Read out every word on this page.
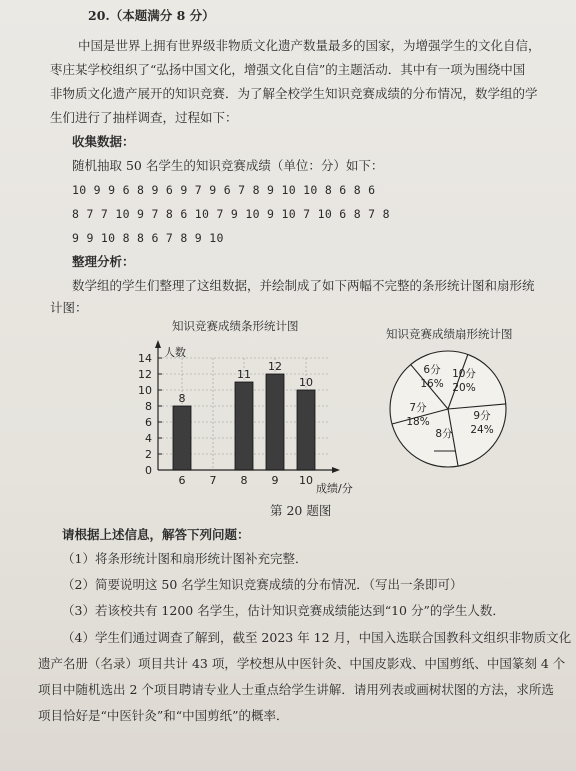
20.（本题满分 8 分）
中国是世界上拥有世界级非物质文化遗产数量最多的国家，为增强学生的文化自信，
枣庄某学校组织了“弘扬中国文化，增强文化自信”的主题活动．其中有一项为围绕中国
非物质文化遗产展开的知识竞赛．为了解全校学生知识竞赛成绩的分布情况，数学组的学
生们进行了抽样调查，过程如下：
收集数据：
随机抽取 50 名学生的知识竞赛成绩（单位：分）如下：
10 9 9 6 8 9 6 9 7 9 6 7 8 9 10 10 8 6 8 6
8 7 7 10 9 7 8 6 10 7 9 10 9 10 7 10 6 8 7 8
9 9 10 8 8 6 7 8 9 10
整理分析：
数学组的学生们整理了这组数据，并绘制成了如下两幅不完整的条形统计图和扇形统
计图：
知识竞赛成绩条形统计图
0
2
4
6
8
10
12
14 人数
成绩/分
6
8
7 8
11
9
12
10
10
知识竞赛成绩扇形统计图
6分
16%
10分
20%
9分
24%
8分
7分
18%
第 20 题图
请根据上述信息，解答下列问题：
（1）将条形统计图和扇形统计图补充完整．
（2）简要说明这 50 名学生知识竞赛成绩的分布情况．（写出一条即可）
（3）若该校共有 1200 名学生，估计知识竞赛成绩能达到“10 分”的学生人数．
（4）学生们通过调查了解到，截至 2023 年 12 月，中国入选联合国教科文组织非物质文化
遗产名册（名录）项目共计 43 项，学校想从中医针灸、中国皮影戏、中国剪纸、中国篆刻 4 个
项目中随机选出 2 个项目聘请专业人士重点给学生讲解．请用列表或画树状图的方法，求所选
项目恰好是“中医针灸”和“中国剪纸”的概率．
